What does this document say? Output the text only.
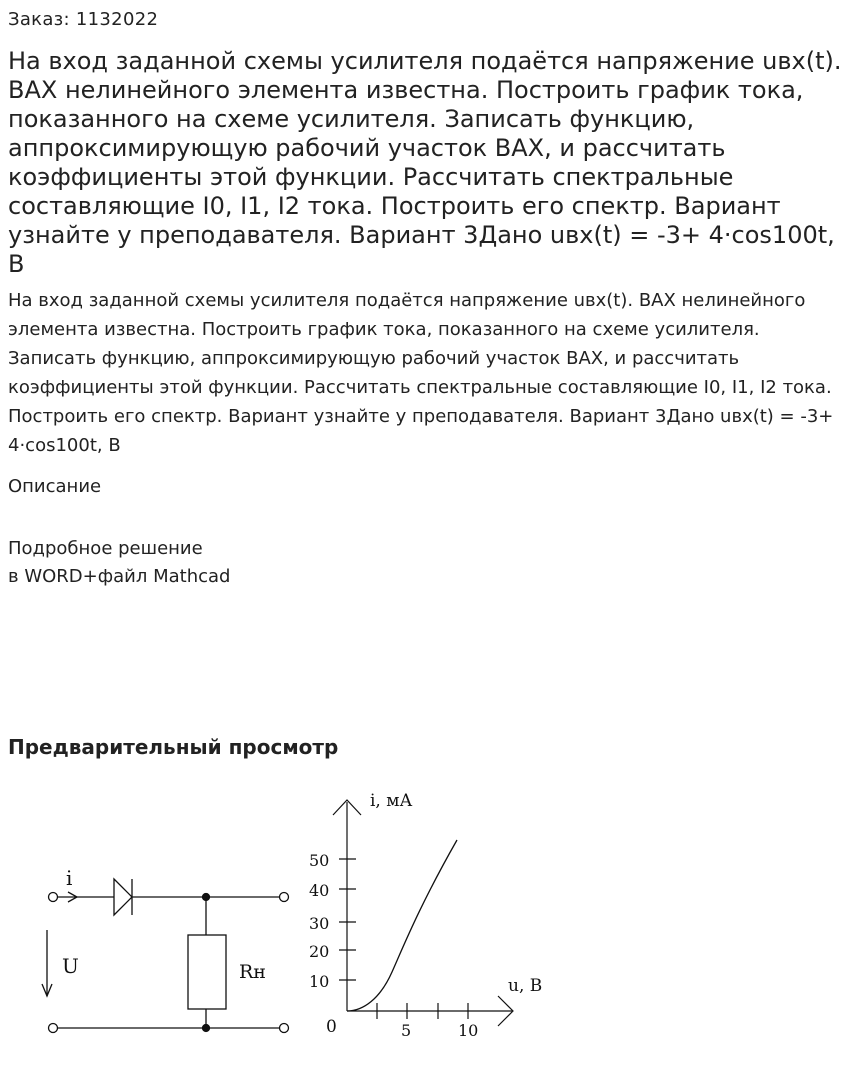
Заказ: 1132022
На вход заданной схемы усилителя подаётся напряжение uвх(t). ВАХ нелинейного элемента известна. Построить график тока, показанного на схеме усилителя. Записать функцию, аппроксимирующую рабочий участок ВАХ, и рассчитать коэффициенты этой функции. Рассчитать спектральные составляющие I0, I1, I2 тока. Построить его спектр. Вариант узнайте у преподавателя. Вариант 3Дано uвх(t) = -3+ 4·cos100t, В

На вход заданной схемы усилителя подаётся напряжение uвх(t). ВАХ нелинейного элемента известна. Построить график тока, показанного на схеме усилителя. Записать функцию, аппроксимирующую рабочий участок ВАХ, и рассчитать коэффициенты этой функции. Рассчитать спектральные составляющие I0, I1, I2 тока. Построить его спектр. Вариант узнайте у преподавателя. Вариант 3Дано uвх(t) = -3+ 4·cos100t, В

Описание
Подробное решение
в WORD+файл Mathcad
Предварительный просмотр
i
U	Rн
i, мА
u, В
0
50
40
30
20
10
5	10
